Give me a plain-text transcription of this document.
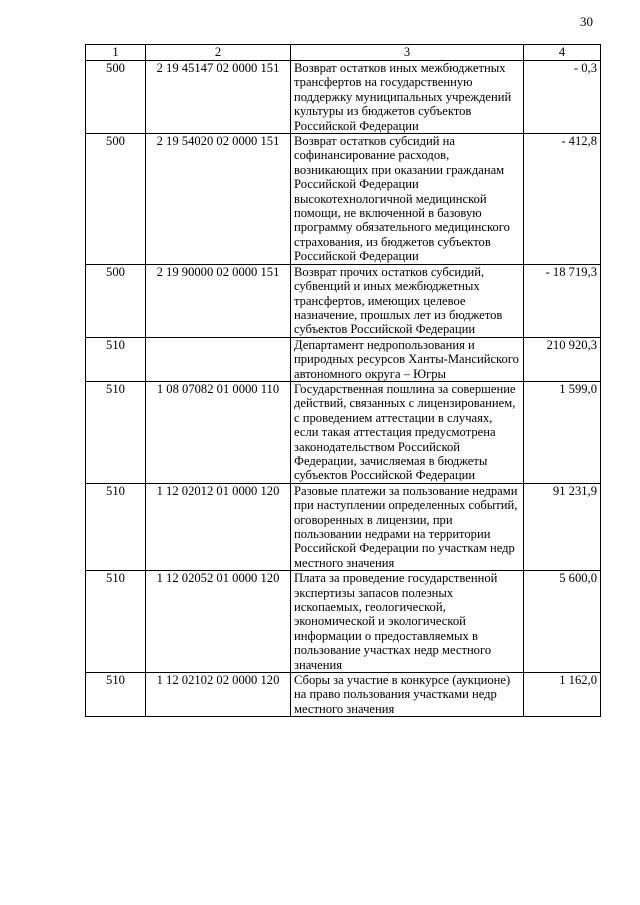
30
1	2	3	4
500	2 19 45147 02 0000 151	Возврат остатков иных межбюджетных трансфертов на государственную поддержку муниципальных учреждений культуры из бюджетов субъектов Российской Федерации	- 0,3
500	2 19 54020 02 0000 151	Возврат остатков субсидий на софинансирование расходов, возникающих при оказании гражданам Российской Федерации высокотехнологичной медицинской помощи, не включенной в базовую программу обязательного медицинского страхования, из бюджетов субъектов Российской Федерации	- 412,8
500	2 19 90000 02 0000 151	Возврат прочих остатков субсидий, субвенций и иных межбюджетных трансфертов, имеющих целевое назначение, прошлых лет из бюджетов субъектов Российской Федерации	- 18 719,3
510		Департамент недропользования и природных ресурсов Ханты-Мансийского автономного округа – Югры	210 920,3
510	1 08 07082 01 0000 110	Государственная пошлина за совершение действий, связанных с лицензированием, с проведением аттестации в случаях, если такая аттестация предусмотрена законодательством Российской Федерации, зачисляемая в бюджеты субъектов Российской Федерации	1 599,0
510	1 12 02012 01 0000 120	Разовые платежи за пользование недрами при наступлении определенных событий, оговоренных в лицензии, при пользовании недрами на территории Российской Федерации по участкам недр местного значения	91 231,9
510	1 12 02052 01 0000 120	Плата за проведение государственной экспертизы запасов полезных ископаемых, геологической, экономической и экологической информации о предоставляемых в пользование участках недр местного значения	5 600,0
510	1 12 02102 02 0000 120	Сборы за участие в конкурсе (аукционе) на право пользования участками недр местного значения	1 162,0
